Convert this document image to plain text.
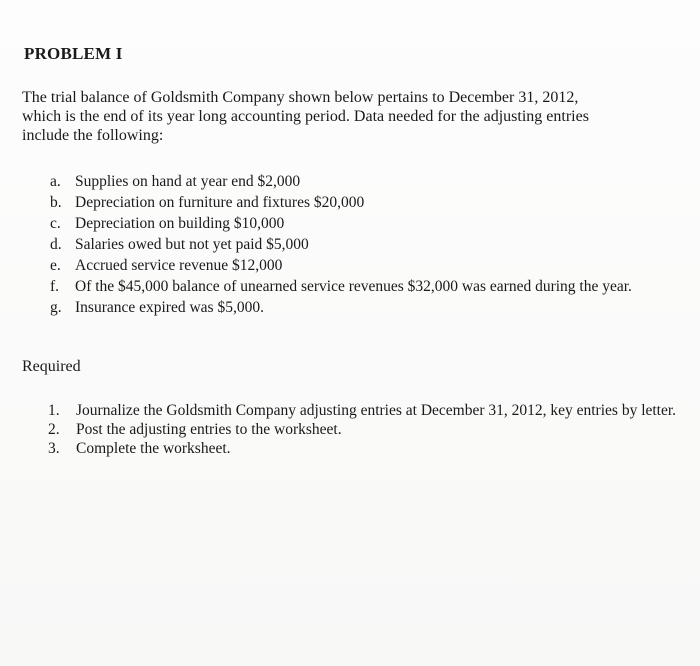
PROBLEM I
The trial balance of Goldsmith Company shown below pertains to December 31, 2012,
which is the end of its year long accounting period. Data needed for the adjusting entries
include the following:
a. Supplies on hand at year end $2,000
b. Depreciation on furniture and fixtures $20,000
c. Depreciation on building $10,000
d. Salaries owed but not yet paid $5,000
e. Accrued service revenue $12,000
f.	Of the $45,000 balance of unearned service revenues $32,000 was earned during the year.
g. Insurance expired was $5,000.
Required
1.	Journalize the Goldsmith Company adjusting entries at December 31, 2012, key entries by letter.
2.	Post the adjusting entries to the worksheet.
3.	Complete the worksheet.
